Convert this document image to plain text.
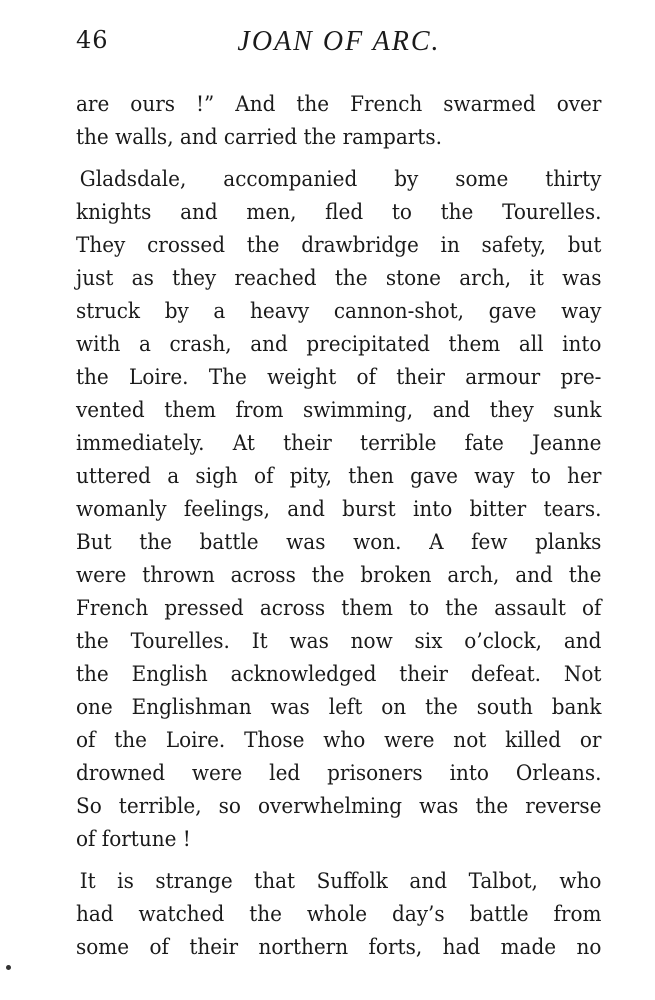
46	JOAN OF ARC.
are ours !” And the French swarmed over
the walls, and carried the ramparts.
Gladsdale, accompanied by some thirty
knights and men, fled to the Tourelles.
They crossed the drawbridge in safety, but
just as they reached the stone arch, it was
struck by a heavy cannon-shot, gave way
with a crash, and precipitated them all into
the Loire. The weight of their armour pre-
vented them from swimming, and they sunk
immediately. At their terrible fate Jeanne
uttered a sigh of pity, then gave way to her
womanly feelings, and burst into bitter tears.
But the battle was won. A few planks
were thrown across the broken arch, and the
French pressed across them to the assault of
the Tourelles. It was now six o’clock, and
the English acknowledged their defeat. Not
one Englishman was left on the south bank
of the Loire. Those who were not killed or
drowned were led prisoners into Orleans.
So terrible, so overwhelming was the reverse
of fortune !
It is strange that Suffolk and Talbot, who
had watched the whole day’s battle from
some of their northern forts, had made no
